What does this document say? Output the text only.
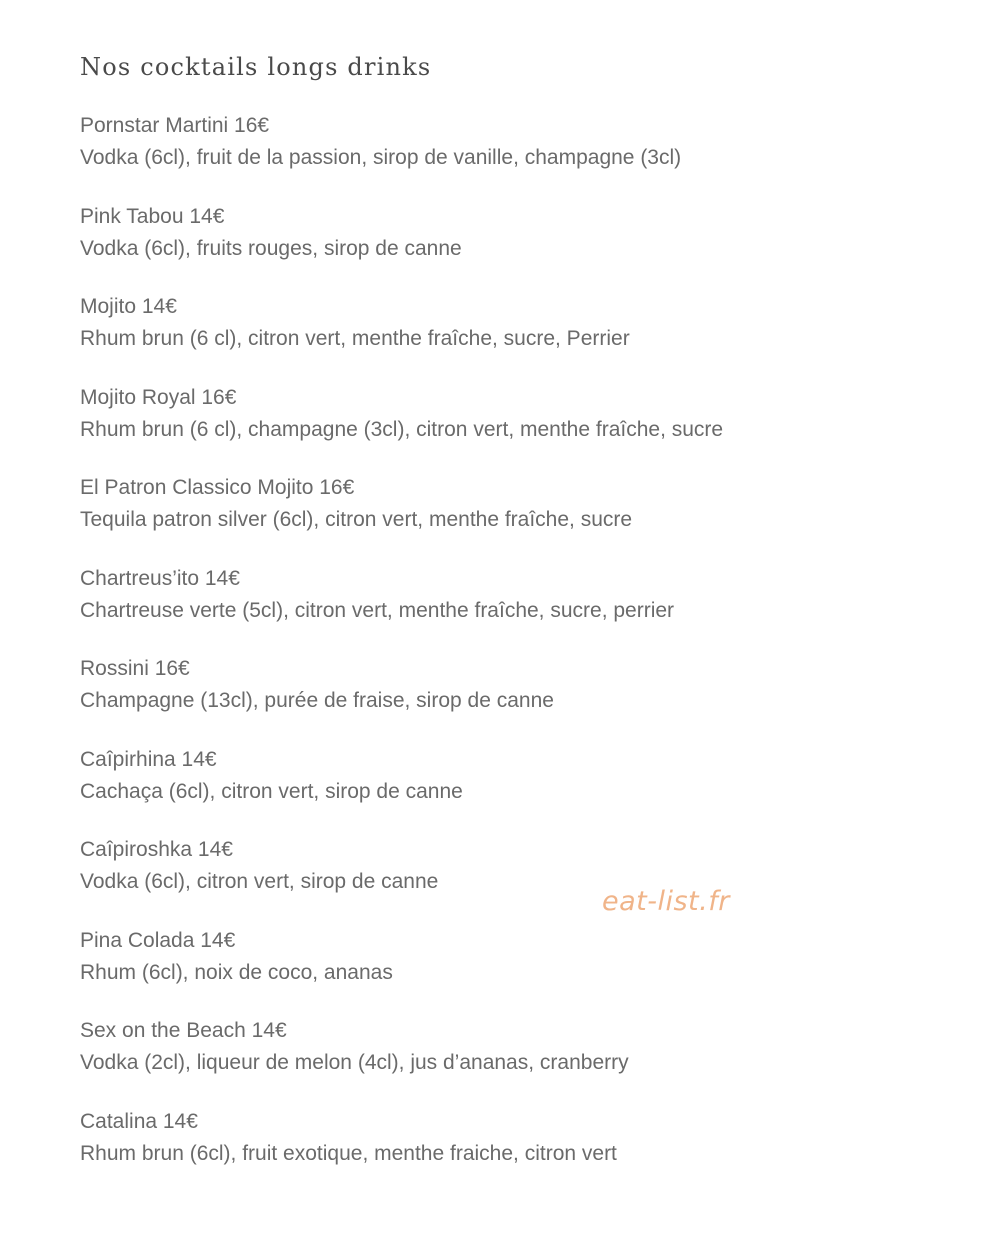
Nos cocktails longs drinks
Pornstar Martini 16€
Vodka (6cl), fruit de la passion, sirop de vanille, champagne (3cl)
Pink Tabou 14€
Vodka (6cl), fruits rouges, sirop de canne
Mojito 14€
Rhum brun (6 cl), citron vert, menthe fraîche, sucre, Perrier
Mojito Royal 16€
Rhum brun (6 cl), champagne (3cl), citron vert, menthe fraîche, sucre
El Patron Classico Mojito 16€
Tequila patron silver (6cl), citron vert, menthe fraîche, sucre
Chartreus’ito 14€
Chartreuse verte (5cl), citron vert, menthe fraîche, sucre, perrier
Rossini 16€
Champagne (13cl), purée de fraise, sirop de canne
Caîpirhina 14€
Cachaça (6cl), citron vert, sirop de canne
Caîpiroshka 14€
Vodka (6cl), citron vert, sirop de canne
Pina Colada 14€
Rhum (6cl), noix de coco, ananas
Sex on the Beach 14€
Vodka (2cl), liqueur de melon (4cl), jus d’ananas, cranberry
Catalina 14€
Rhum brun (6cl), fruit exotique, menthe fraiche, citron vert
eat-list.fr
